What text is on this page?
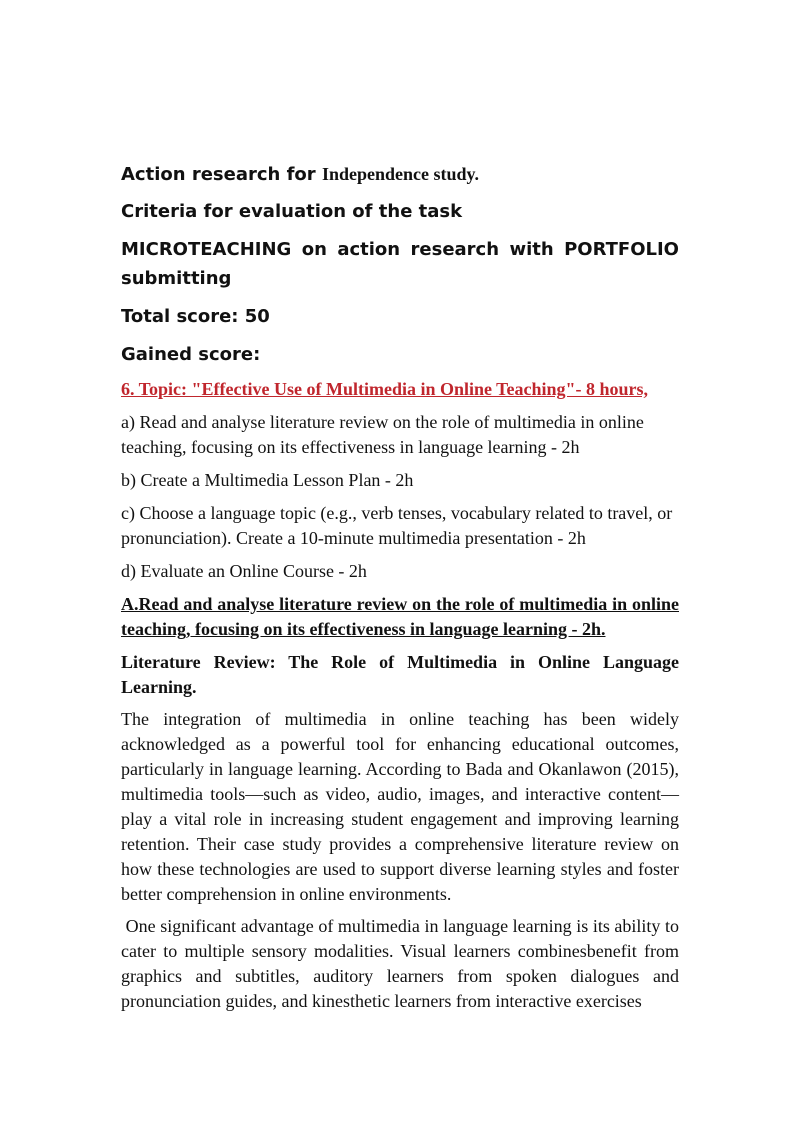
Action research for Independence study.

Criteria for evaluation of the task

MICROTEACHING on action research with PORTFOLIO submitting

Total score: 50

Gained score:

6. Topic: "Effective Use of Multimedia in Online Teaching"- 8 hours,

a) Read and analyse literature review on the role of multimedia in online teaching, focusing on its effectiveness in language learning - 2h

b) Create a Multimedia Lesson Plan - 2h

c) Choose a language topic (e.g., verb tenses, vocabulary related to travel, or pronunciation). Create a 10-minute multimedia presentation - 2h

d) Evaluate an Online Course - 2h

A.Read and analyse literature review on the role of multimedia in online teaching, focusing on its effectiveness in language learning - 2h.

Literature Review: The Role of Multimedia in Online Language Learning.

The integration of multimedia in online teaching has been widely acknowledged as a powerful tool for enhancing educational outcomes, particularly in language learning. According to Bada and Okanlawon (2015), multimedia tools—such as video, audio, images, and interactive content—play a vital role in increasing student engagement and improving learning retention. Their case study provides a comprehensive literature review on how these technologies are used to support diverse learning styles and foster better comprehension in online environments.

One significant advantage of multimedia in language learning is its ability to cater to multiple sensory modalities. Visual learners combinesbenefit from graphics and subtitles, auditory learners from spoken dialogues and pronunciation guides, and kinesthetic learners from interactive exercises
